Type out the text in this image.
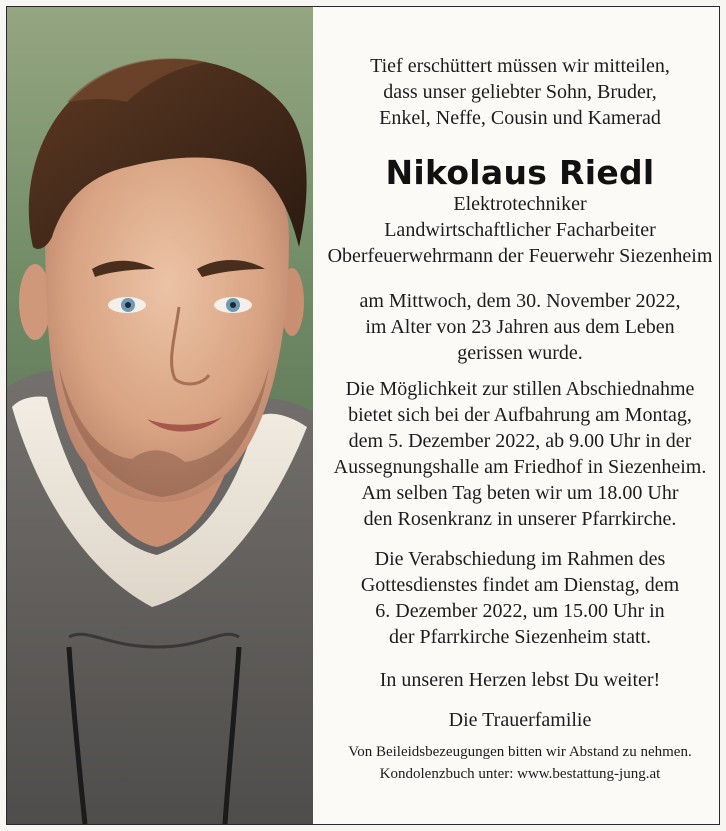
Tief erschüttert müssen wir mitteilen,
dass unser geliebter Sohn, Bruder,
Enkel, Neffe, Cousin und Kamerad

Nikolaus Riedl

Elektrotechniker
Landwirtschaftlicher Facharbeiter
Oberfeuerwehrmann der Feuerwehr Siezenheim

am Mittwoch, dem 30. November 2022,
im Alter von 23 Jahren aus dem Leben
gerissen wurde.

Die Möglichkeit zur stillen Abschiednahme
bietet sich bei der Aufbahrung am Montag,
dem 5. Dezember 2022, ab 9.00 Uhr in der
Aussegnungshalle am Friedhof in Siezenheim.
Am selben Tag beten wir um 18.00 Uhr
den Rosenkranz in unserer Pfarrkirche.

Die Verabschiedung im Rahmen des
Gottesdienstes findet am Dienstag, dem
6. Dezember 2022, um 15.00 Uhr in
der Pfarrkirche Siezenheim statt.

In unseren Herzen lebst Du weiter!

Die Trauerfamilie

Von Beileidsbezeugungen bitten wir Abstand zu nehmen.
Kondolenzbuch unter: www.bestattung-jung.at
